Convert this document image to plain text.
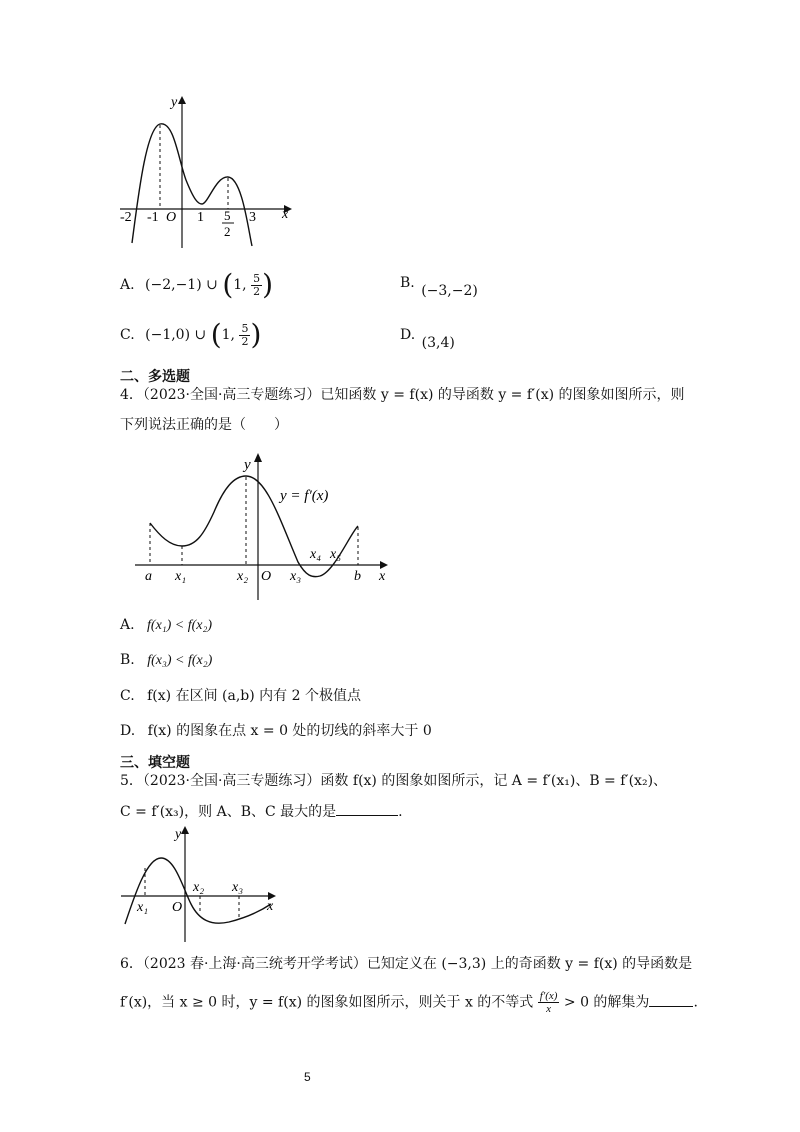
y
x
O
-2 -1	1 5
2
3
A. (−2,−1) ∪ (1, $\frac{5}{2}$ )	B. (−3,−2)
C. (−1,0) ∪ (1, $\frac{5}{2}$ )	D. (3,4)
二、多选题
4．（2023·全国·高三专题练习）已知函数 y = f(x) 的导函数 y = f′(x) 的图象如图所示，则
下列说法正确的是（　　）
y
y = f′(x)
x
O
a x₁	x₂	x₃
x₄ x₅
b
A. f(x₁) < f(x₂)
B. f(x₃) < f(x₂)
C. f(x) 在区间 (a,b) 内有 2 个极值点
D. f(x) 的图象在点 x = 0 处的切线的斜率大于 0
三、填空题
5．（2023·全国·高三专题练习）函数 f(x) 的图象如图所示，记 A = f′(x₁)、B = f′(x₂)、
C = f′(x₃)，则 A、B、C 最大的是	.
y
x
O
x₁
x₂ x₃
6．（2023 春·上海·高三统考开学考试）已知定义在 (−3,3) 上的奇函数 y = f(x) 的导函数是
f′(x)，当 x ≥ 0 时，y = f(x) 的图象如图所示，则关于 x 的不等式 $\frac{f'(x)}{x} > 0$ 的解集为	.
5
